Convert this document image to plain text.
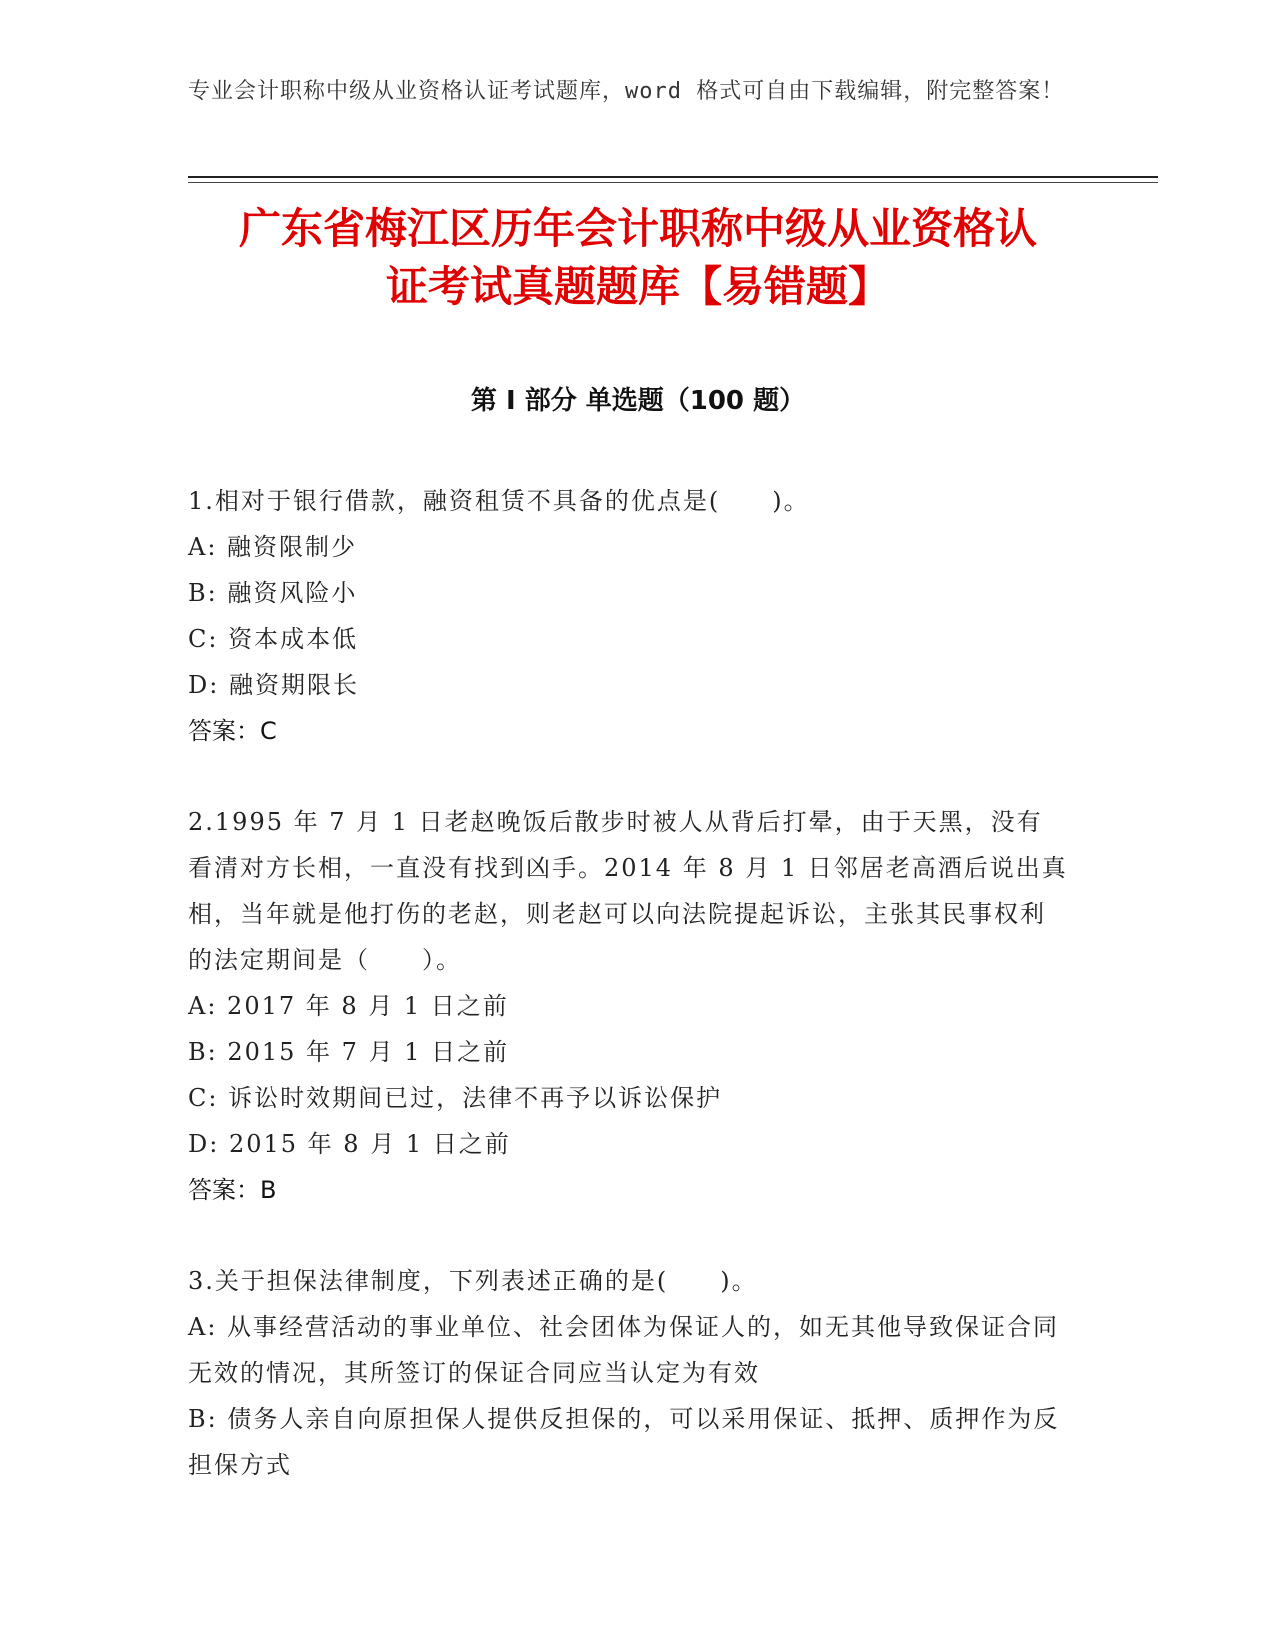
专业会计职称中级从业资格认证考试题库，word 格式可自由下载编辑，附完整答案！

广东省梅江区历年会计职称中级从业资格认
证考试真题题库【易错题】
第 I 部分 单选题（100 题）

1.相对于银行借款，融资租赁不具备的优点是(　　)。

A: 融资限制少

B: 融资风险小

C: 资本成本低

D: 融资期限长

答案：C

2.1995 年 7 月 1 日老赵晚饭后散步时被人从背后打晕，由于天黑，没有看清对方长相，一直没有找到凶手。2014 年 8 月 1 日邻居老高酒后说出真相，当年就是他打伤的老赵，则老赵可以向法院提起诉讼，主张其民事权利的法定期间是（　　）。

A: 2017 年 8 月 1 日之前

B: 2015 年 7 月 1 日之前

C: 诉讼时效期间已过，法律不再予以诉讼保护

D: 2015 年 8 月 1 日之前

答案：B

3.关于担保法律制度，下列表述正确的是(　　)。

A: 从事经营活动的事业单位、社会团体为保证人的，如无其他导致保证合同无效的情况，其所签订的保证合同应当认定为有效

B: 债务人亲自向原担保人提供反担保的，可以采用保证、抵押、质押作为反担保方式
